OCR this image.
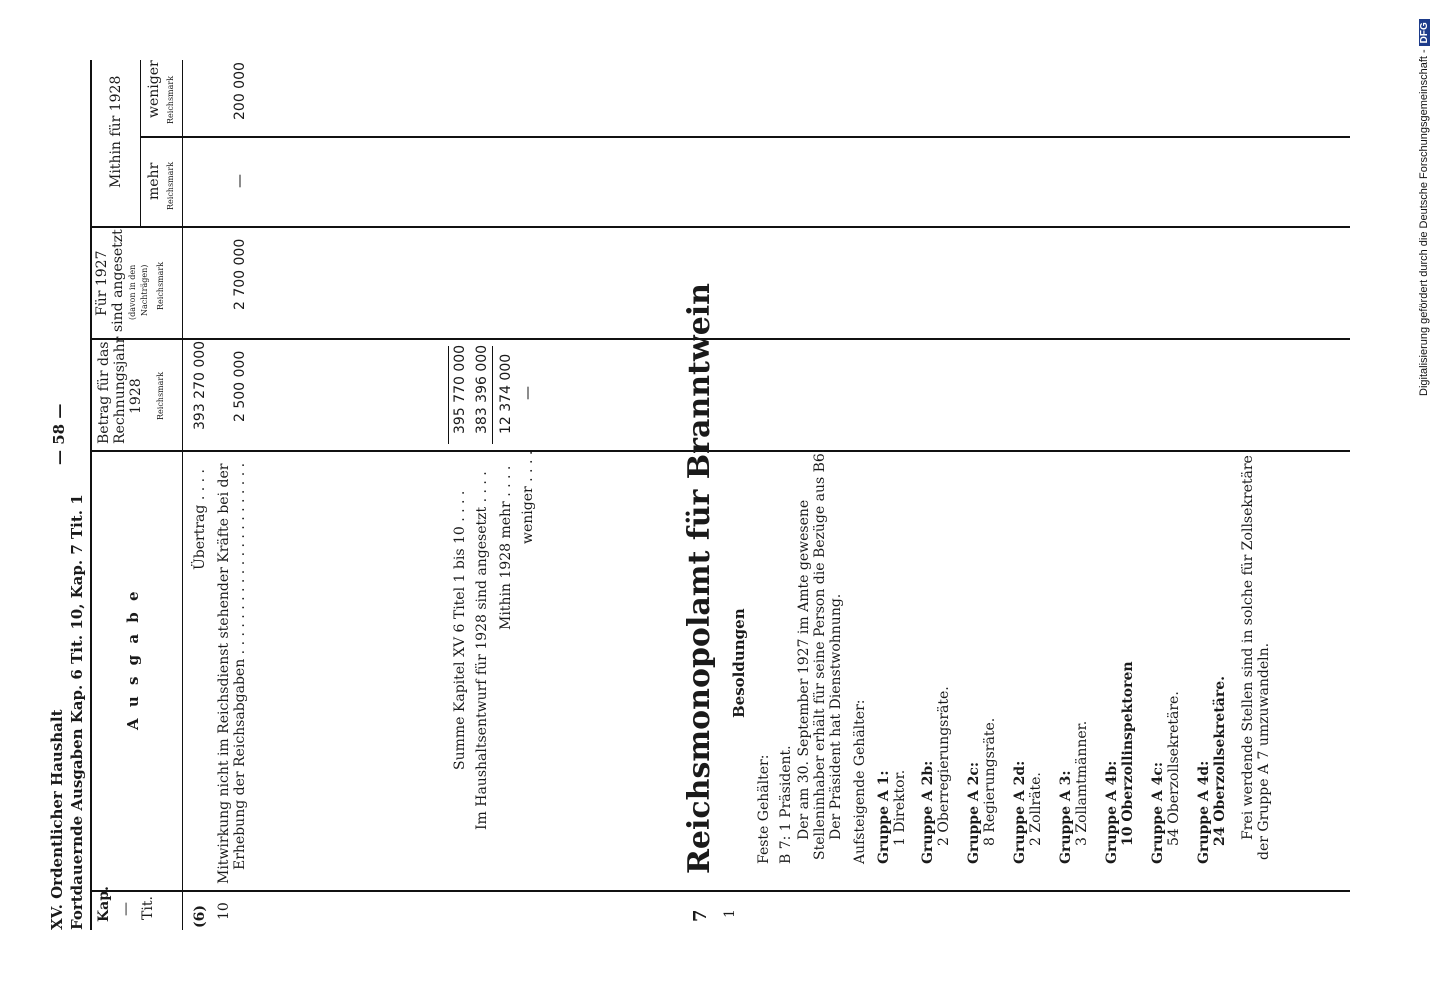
XV. Ordentlicher Haushalt Fortdauernde Ausgaben Kap. 6 Tit. 10, Kap. 7 Tit. 1
— 58 —
Kap. — Tit.
A u s g a b e
Betrag für das Rechnungsjahr 1928 Reichsmark
Für 1927 sind angesetzt (davon in den Nachträgen) Reichsmark
Mithin für 1928 mehr Reichsmark
weniger Reichsmark
(6) 10
Übertrag . . . .
393 270 000
Mitwirkung nicht im Reichsdienst stehender Kräfte bei der Erhebung der Reichsabgaben . . . . . . . . . . . . . . . . . . . . . .
2 500 000
2 700 000
—
200 000
Summe Kapitel XV 6 Titel 1 bis 10 . . . .
395 770 000
Im Haushaltsentwurf für 1928 sind angesetzt . . . .
383 396 000
Mithin 1928 mehr . . . .
12 374 000
weniger . . . .
—
7 1
Reichsmonopolamt für Branntwein Besoldungen
Feste Gehälter: B 7: 1 Präsident. Der am 30. September 1927 im Amte gewesene Stelleninhaber erhält für seine Person die Bezüge aus B6. Der Präsident hat Dienstwohnung. Aufsteigende Gehälter: Gruppe A 1: 1 Direktor. Gruppe A 2b: 2 Oberregierungsräte. Gruppe A 2c: 8 Regierungsräte. Gruppe A 2d: 2 Zollräte. Gruppe A 3: 3 Zollamtmänner. Gruppe A 4b: 10 Oberzollinspektoren Gruppe A 4c: 54 Oberzollsekretäre. Gruppe A 4d: 24 Oberzollsekretäre. Frei werdende Stellen sind in solche für Zollsekretäre der Gruppe A 7 umzuwandeln.
Digitalisierung gefördert durch die Deutsche Forschungsgemeinschaft -DFG
